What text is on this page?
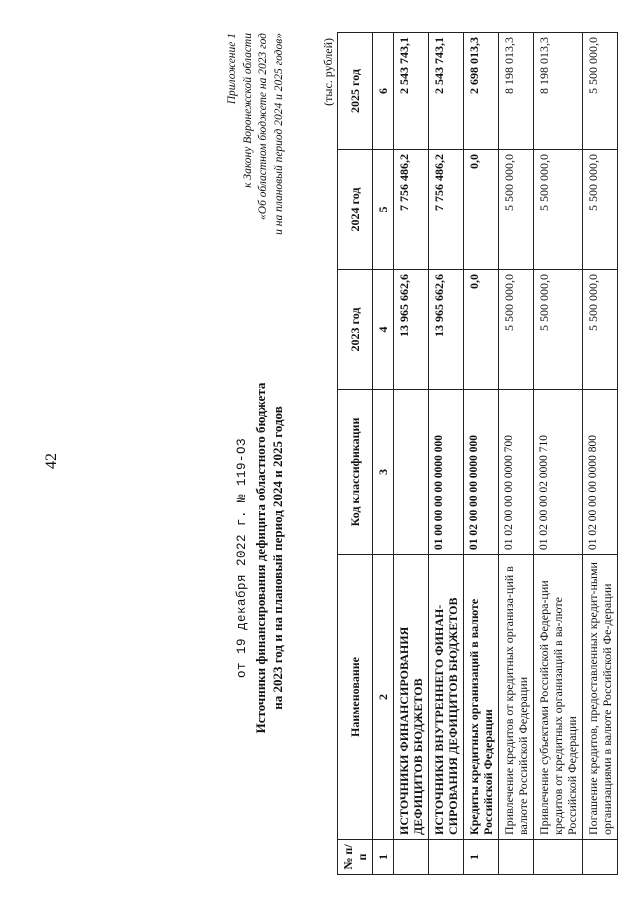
42
Приложение 1 к Закону Воронежской области «Об областном бюджете на 2023 год и на плановый период 2024 и 2025 годов»
от 19 декабря 2022 г. № 119-ОЗ Источники финансирования дефицита областного бюджета на 2023 год и на плановый период 2024 и 2025 годов
(тыс. рублей)
№ п/п	Наименование	Код классификации	2023 год	2024 год	2025 год
1	2	3	4	5	6
	ИСТОЧНИКИ ФИНАНСИРОВАНИЯ ДЕФИЦИТОВ БЮДЖЕТОВ		13 965 662,6	7 756 486,2	2 543 743,1
	ИСТОЧНИКИ ВНУТРЕННЕГО ФИНАН-СИРОВАНИЯ ДЕФИЦИТОВ БЮДЖЕТОВ	01 00 00 00 00 0000 000	13 965 662,6	7 756 486,2	2 543 743,1
1	Кредиты кредитных организаций в валюте Российской Федерации	01 02 00 00 00 0000 000	0,0	0,0	2 698 013,3
	Привлечение кредитов от кредитных организа-ций в валюте Российской Федерации	01 02 00 00 00 0000 700	5 500 000,0	5 500 000,0	8 198 013,3
	Привлечение субъектами Российской Федера-ции кредитов от кредитных организаций в ва-люте Российской Федерации	01 02 00 00 02 0000 710	5 500 000,0	5 500 000,0	8 198 013,3
	Погашение кредитов, предоставленных кредит-ными организациями в валюте Российской Фе-дерации	01 02 00 00 00 0000 800	5 500 000,0	5 500 000,0	5 500 000,0
